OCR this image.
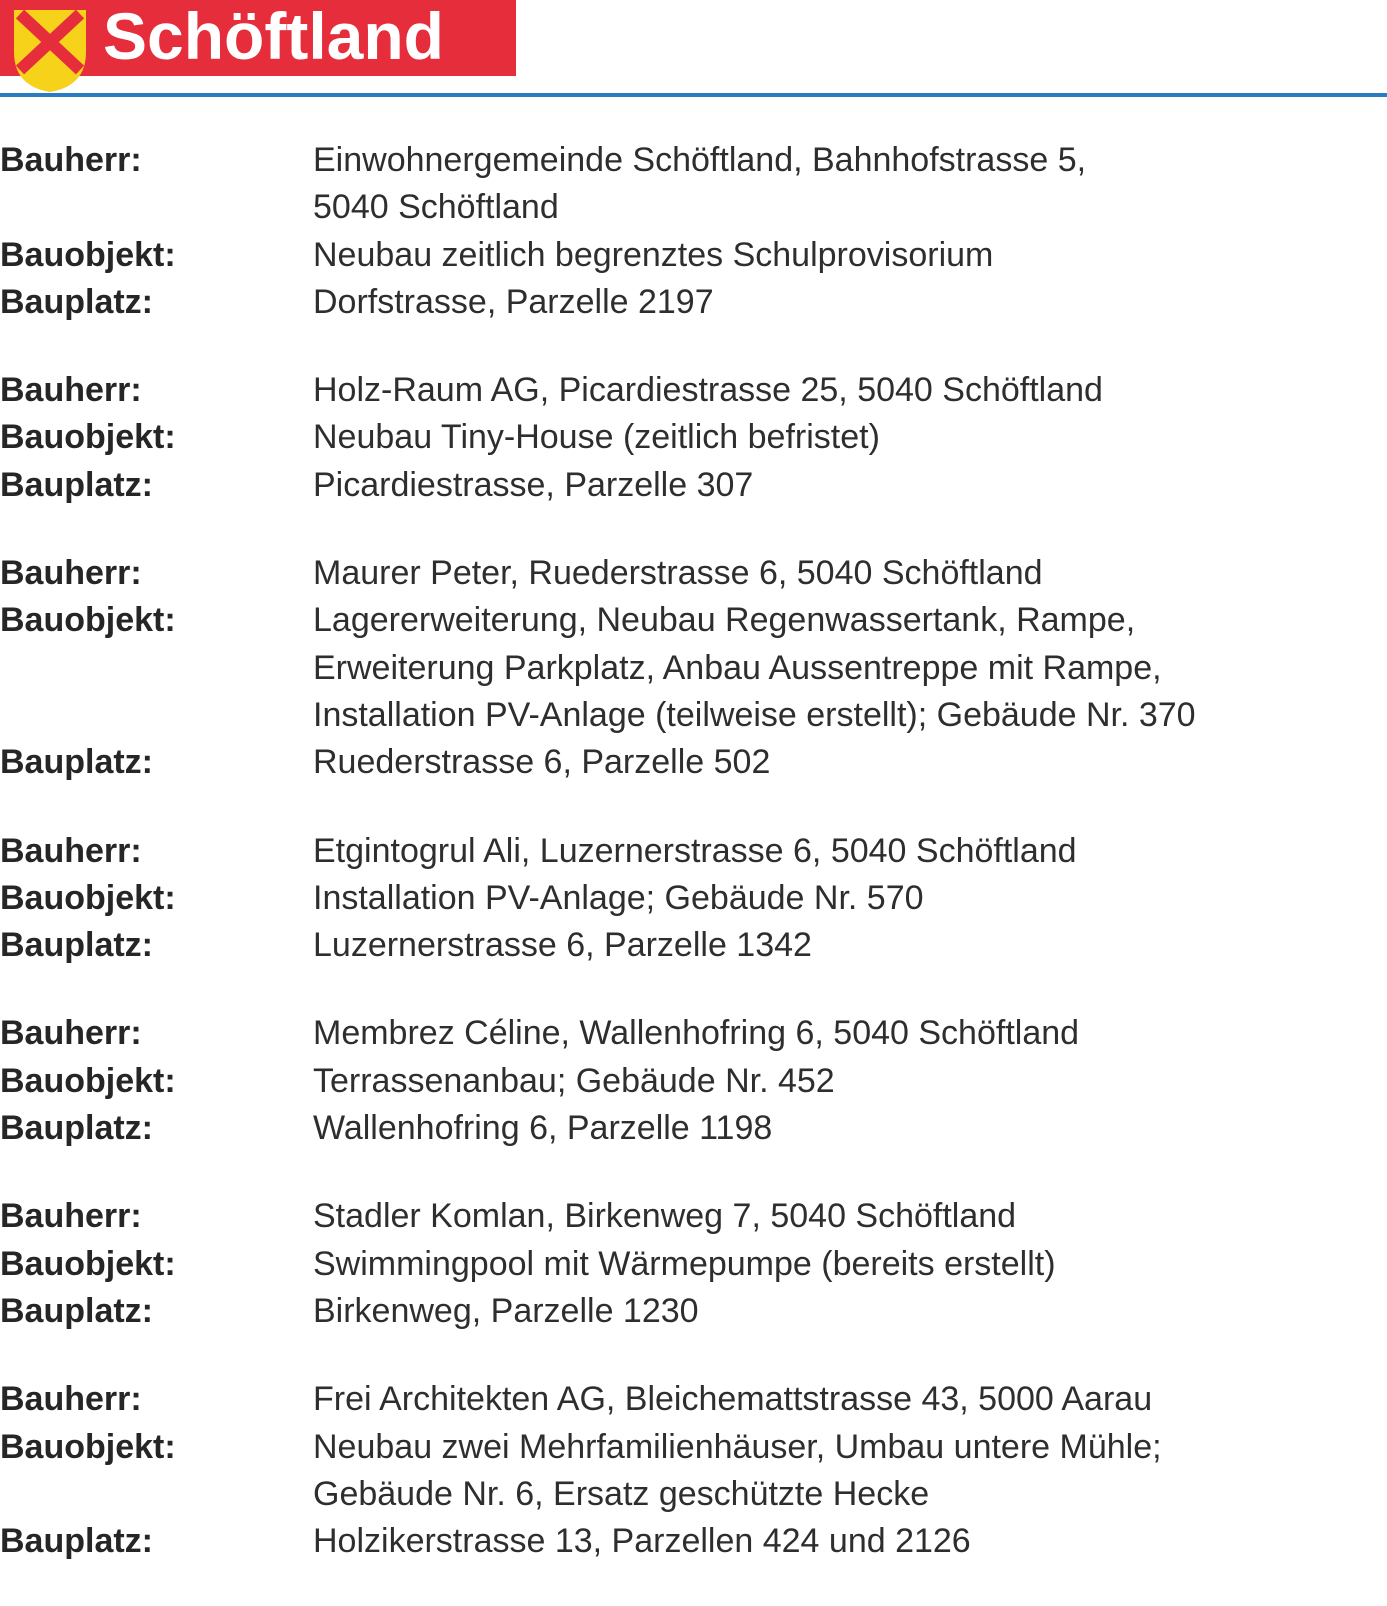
Schöftland
Bauherr:	Einwohnergemeinde Schöftland, Bahnhofstrasse 5,
5040 Schöftland
Bauobjekt:	Neubau zeitlich begrenztes Schulprovisorium
Bauplatz:	Dorfstrasse, Parzelle 2197
Bauherr:	Holz-Raum AG, Picardiestrasse 25, 5040 Schöftland
Bauobjekt:	Neubau Tiny-House (zeitlich befristet)
Bauplatz:	Picardiestrasse, Parzelle 307
Bauherr:	Maurer Peter, Ruederstrasse 6, 5040 Schöftland
Bauobjekt:	Lagererweiterung, Neubau Regenwassertank, Rampe,
Erweiterung Parkplatz, Anbau Aussentreppe mit Rampe,
Installation PV-Anlage (teilweise erstellt); Gebäude Nr. 370
Bauplatz:	Ruederstrasse 6, Parzelle 502
Bauherr:	Etgintogrul Ali, Luzernerstrasse 6, 5040 Schöftland
Bauobjekt:	Installation PV-Anlage; Gebäude Nr. 570
Bauplatz:	Luzernerstrasse 6, Parzelle 1342
Bauherr:	Membrez Céline, Wallenhofring 6, 5040 Schöftland
Bauobjekt:	Terrassenanbau; Gebäude Nr. 452
Bauplatz:	Wallenhofring 6, Parzelle 1198
Bauherr:	Stadler Komlan, Birkenweg 7, 5040 Schöftland
Bauobjekt:	Swimmingpool mit Wärmepumpe (bereits erstellt)
Bauplatz:	Birkenweg, Parzelle 1230
Bauherr:	Frei Architekten AG, Bleichemattstrasse 43, 5000 Aarau
Bauobjekt:	Neubau zwei Mehrfamilienhäuser, Umbau untere Mühle;
Gebäude Nr. 6, Ersatz geschützte Hecke
Bauplatz:	Holzikerstrasse 13, Parzellen 424 und 2126
